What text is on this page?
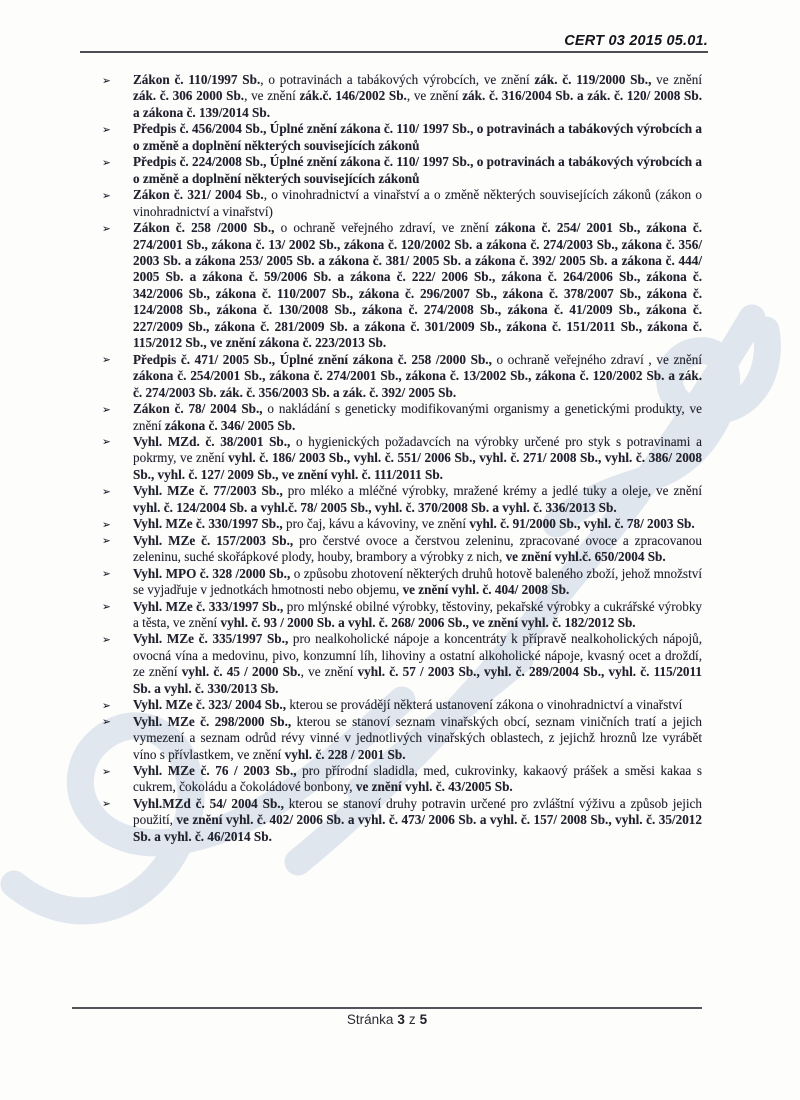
CERT 03 2015 05.01.
➢ Zákon č. 110/1997 Sb., o potravinách a tabákových výrobcích, ve znění zák. č. 119/2000 Sb., ve znění zák. č. 306 2000 Sb., ve znění zák.č. 146/2002 Sb., ve znění zák. č. 316/2004 Sb. a zák. č. 120/ 2008 Sb. a zákona č. 139/2014 Sb.
➢ Předpis č. 456/2004 Sb., Úplné znění zákona č. 110/ 1997 Sb., o potravinách a tabákových výrobcích a o změně a doplnění některých souvisejících zákonů
➢ Předpis č. 224/2008 Sb., Úplné znění zákona č. 110/ 1997 Sb., o potravinách a tabákových výrobcích a o změně a doplnění některých souvisejících zákonů
➢ Zákon č. 321/ 2004 Sb., o vinohradnictví a vinařství a o změně některých souvisejících zákonů (zákon o vinohradnictví a vinařství)
➢ Zákon č. 258 /2000 Sb., o ochraně veřejného zdraví, ve znění zákona č. 254/ 2001 Sb., zákona č. 274/2001 Sb., zákona č. 13/ 2002 Sb., zákona č. 120/2002 Sb. a zákona č. 274/2003 Sb., zákona č. 356/ 2003 Sb. a zákona 253/ 2005 Sb. a zákona č. 381/ 2005 Sb. a zákona č. 392/ 2005 Sb. a zákona č. 444/ 2005 Sb. a zákona č. 59/2006 Sb. a zákona č. 222/ 2006 Sb., zákona č. 264/2006 Sb., zákona č. 342/2006 Sb., zákona č. 110/2007 Sb., zákona č. 296/2007 Sb., zákona č. 378/2007 Sb., zákona č. 124/2008 Sb., zákona č. 130/2008 Sb., zákona č. 274/2008 Sb., zákona č. 41/2009 Sb., zákona č. 227/2009 Sb., zákona č. 281/2009 Sb. a zákona č. 301/2009 Sb., zákona č. 151/2011 Sb., zákona č. 115/2012 Sb., ve znění zákona č. 223/2013 Sb.
➢ Předpis č. 471/ 2005 Sb., Úplné znění zákona č. 258 /2000 Sb., o ochraně veřejného zdraví , ve znění zákona č. 254/2001 Sb., zákona č. 274/2001 Sb., zákona č. 13/2002 Sb., zákona č. 120/2002 Sb. a zák. č. 274/2003 Sb. zák. č. 356/2003 Sb. a zák. č. 392/ 2005 Sb.
➢ Zákon č. 78/ 2004 Sb., o nakládání s geneticky modifikovanými organismy a genetickými produkty, ve znění zákona č. 346/ 2005 Sb.
➢ Vyhl. MZd. č. 38/2001 Sb., o hygienických požadavcích na výrobky určené pro styk s potravinami a pokrmy, ve znění vyhl. č. 186/ 2003 Sb., vyhl. č. 551/ 2006 Sb., vyhl. č. 271/ 2008 Sb., vyhl. č. 386/ 2008 Sb., vyhl. č. 127/ 2009 Sb., ve znění vyhl. č. 111/2011 Sb.
➢ Vyhl. MZe č. 77/2003 Sb., pro mléko a mléčné výrobky, mražené krémy a jedlé tuky a oleje, ve znění vyhl. č. 124/2004 Sb. a vyhl.č. 78/ 2005 Sb., vyhl. č. 370/2008 Sb. a vyhl. č. 336/2013 Sb.
➢ Vyhl. MZe č. 330/1997 Sb., pro čaj, kávu a kávoviny, ve znění vyhl. č. 91/2000 Sb., vyhl. č. 78/ 2003 Sb.
➢ Vyhl. MZe č. 157/2003 Sb., pro čerstvé ovoce a čerstvou zeleninu, zpracované ovoce a zpracovanou zeleninu, suché skořápkové plody, houby, brambory a výrobky z nich, ve znění vyhl.č. 650/2004 Sb.
➢ Vyhl. MPO č. 328 /2000 Sb., o způsobu zhotovení některých druhů hotově baleného zboží, jehož množství se vyjadřuje v jednotkách hmotnosti nebo objemu, ve znění vyhl. č. 404/ 2008 Sb.
➢ Vyhl. MZe č. 333/1997 Sb., pro mlýnské obilné výrobky, těstoviny, pekařské výrobky a cukrářské výrobky a těsta, ve znění vyhl. č. 93 / 2000 Sb. a vyhl. č. 268/ 2006 Sb., ve znění vyhl. č. 182/2012 Sb.
➢ Vyhl. MZe č. 335/1997 Sb., pro nealkoholické nápoje a koncentráty k přípravě nealkoholických nápojů, ovocná vína a medovinu, pivo, konzumní líh, lihoviny a ostatní alkoholické nápoje, kvasný ocet a droždí, ze znění vyhl. č. 45 / 2000 Sb., ve znění vyhl. č. 57 / 2003 Sb., vyhl. č. 289/2004 Sb., vyhl. č. 115/2011 Sb. a vyhl. č. 330/2013 Sb.
➢ Vyhl. MZe č. 323/ 2004 Sb., kterou se provádějí některá ustanovení zákona o vinohradnictví a vinařství
➢ Vyhl. MZe č. 298/2000 Sb., kterou se stanoví seznam vinařských obcí, seznam viničních tratí a jejich vymezení a seznam odrůd révy vinné v jednotlivých vinařských oblastech, z jejichž hroznů lze vyrábět víno s přívlastkem, ve znění vyhl. č. 228 / 2001 Sb.
➢ Vyhl. MZe č. 76 / 2003 Sb., pro přírodní sladidla, med, cukrovinky, kakaový prášek a směsi kakaa s cukrem, čokoládu a čokoládové bonbony, ve znění vyhl. č. 43/2005 Sb.
➢ Vyhl.MZd č. 54/ 2004 Sb., kterou se stanoví druhy potravin určené pro zvláštní výživu a způsob jejich použití, ve znění vyhl. č. 402/ 2006 Sb. a vyhl. č. 473/ 2006 Sb. a vyhl. č. 157/ 2008 Sb., vyhl. č. 35/2012 Sb. a vyhl. č. 46/2014 Sb.
Stránka 3 z 5
